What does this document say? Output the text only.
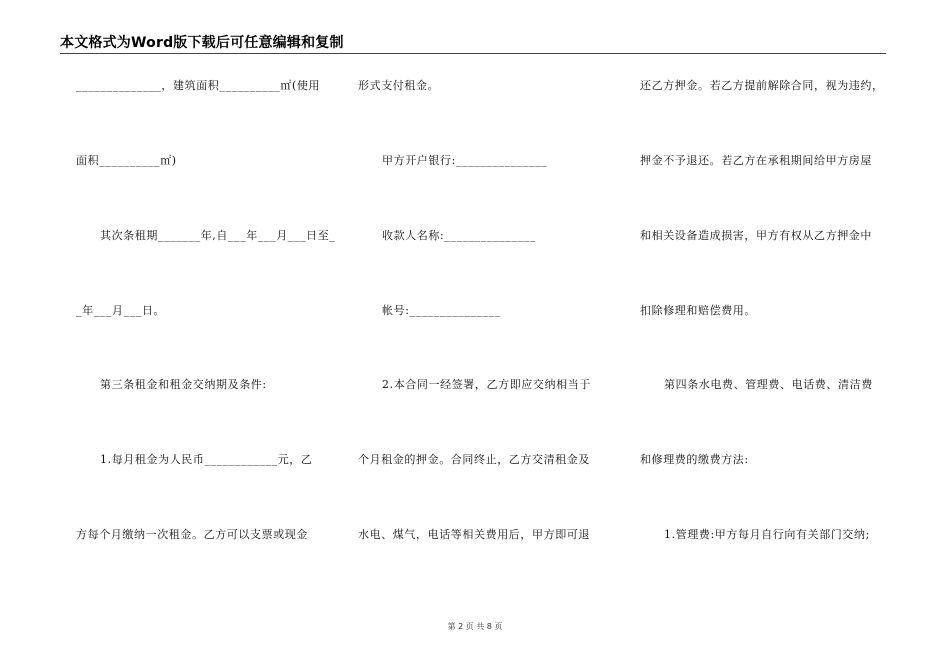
本文格式为Word版下载后可任意编辑和复制
______________，建筑面积__________㎡(使用
面积__________㎡)
其次条租期_______年,自___年___月___日至_
_年___月___日。
第三条租金和租金交纳期及条件:
1.每月租金为人民币____________元，乙
方每个月缴纳一次租金。乙方可以支票或现金
形式支付租金。
甲方开户银行:_______________
收款人名称:_______________
帐号:_______________
2.本合同一经签署，乙方即应交纳相当于
个月租金的押金。合同终止，乙方交清租金及
水电、煤气，电话等相关费用后，甲方即可退
还乙方押金。若乙方提前解除合同，视为违约，
押金不予退还。若乙方在承租期间给甲方房屋
和相关设备造成损害，甲方有权从乙方押金中
扣除修理和赔偿费用。
第四条水电费、管理费、电话费、清洁费
和修理费的缴费方法:
1.管理费:甲方每月自行向有关部门交纳;
第 2 页 共 8 页
